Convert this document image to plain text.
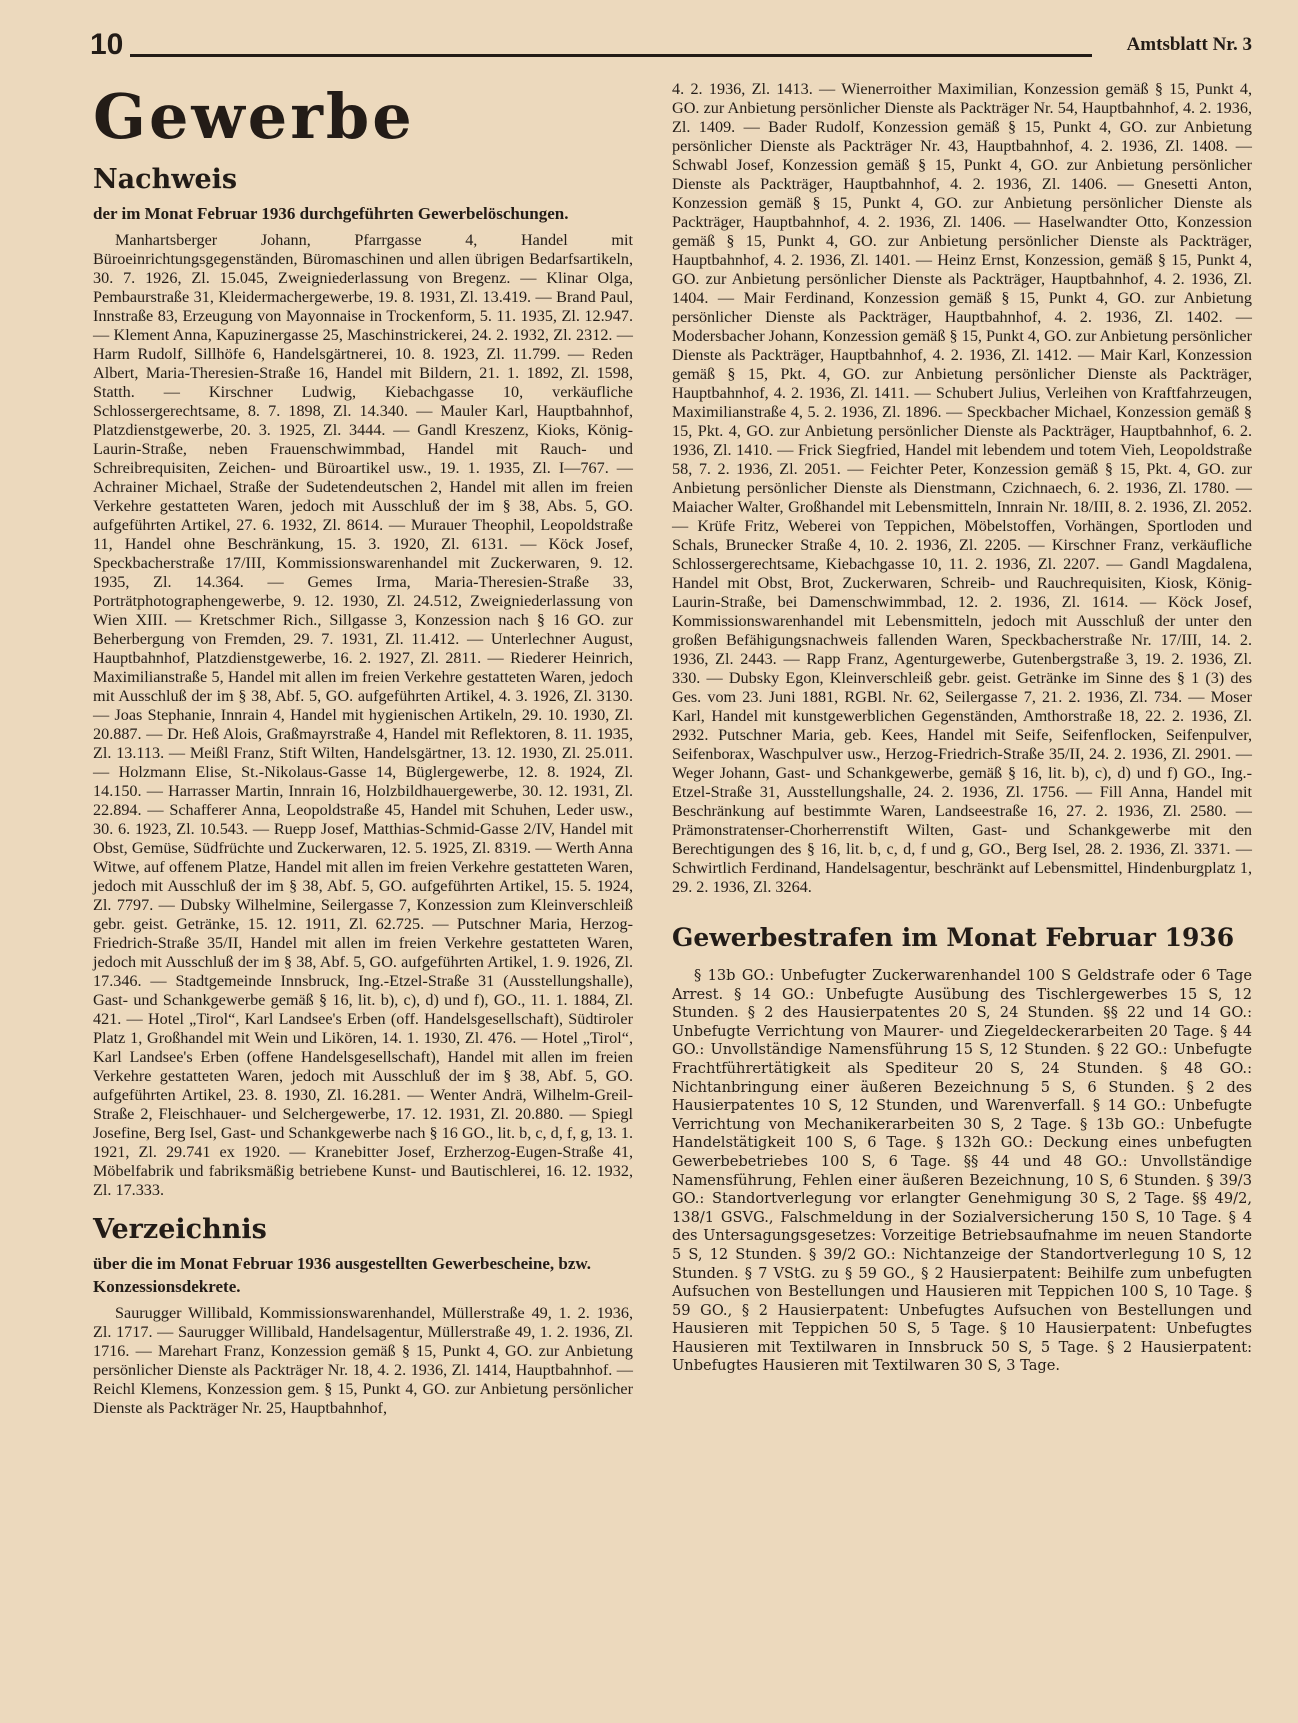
10	Amtsblatt Nr. 3
Gewerbe
Nachweis
der im Monat Februar 1936 durchgeführten Gewerbelöschungen.

Manhartsberger Johann, Pfarrgasse 4, Handel mit Büroeinrichtungsgegenständen, Büromaschinen und allen übrigen Bedarfsartikeln, 30. 7. 1926, Zl. 15.045, Zweigniederlassung von Bregenz. — Klinar Olga, Pembaurstraße 31, Kleidermachergewerbe, 19. 8. 1931, Zl. 13.419. — Brand Paul, Innstraße 83, Erzeugung von Mayonnaise in Trockenform, 5. 11. 1935, Zl. 12.947. — Klement Anna, Kapuzinergasse 25, Maschinstrickerei, 24. 2. 1932, Zl. 2312. — Harm Rudolf, Sillhöfe 6, Handelsgärtnerei, 10. 8. 1923, Zl. 11.799. — Reden Albert, Maria-Theresien-Straße 16, Handel mit Bildern, 21. 1. 1892, Zl. 1598, Statth. — Kirschner Ludwig, Kiebachgasse 10, verkäufliche Schlossergerechtsame, 8. 7. 1898, Zl. 14.340. — Mauler Karl, Hauptbahnhof, Platzdienstgewerbe, 20. 3. 1925, Zl. 3444. — Gandl Kreszenz, Kioks, König-Laurin-Straße, neben Frauenschwimmbad, Handel mit Rauch- und Schreibrequisiten, Zeichen- und Büroartikel usw., 19. 1. 1935, Zl. I—767. — Achrainer Michael, Straße der Sudetendeutschen 2, Handel mit allen im freien Verkehre gestatteten Waren, jedoch mit Ausschluß der im § 38, Abs. 5, GO. aufgeführten Artikel, 27. 6. 1932, Zl. 8614. — Murauer Theophil, Leopoldstraße 11, Handel ohne Beschränkung, 15. 3. 1920, Zl. 6131. — Köck Josef, Speckbacherstraße 17/III, Kommissionswarenhandel mit Zuckerwaren, 9. 12. 1935, Zl. 14.364. — Gemes Irma, Maria-Theresien-Straße 33, Porträtphotographengewerbe, 9. 12. 1930, Zl. 24.512, Zweigniederlassung von Wien XIII. — Kretschmer Rich., Sillgasse 3, Konzession nach § 16 GO. zur Beherbergung von Fremden, 29. 7. 1931, Zl. 11.412. — Unterlechner August, Hauptbahnhof, Platzdienstgewerbe, 16. 2. 1927, Zl. 2811. — Riederer Heinrich, Maximilianstraße 5, Handel mit allen im freien Verkehre gestatteten Waren, jedoch mit Ausschluß der im § 38, Abf. 5, GO. aufgeführten Artikel, 4. 3. 1926, Zl. 3130. — Joas Stephanie, Innrain 4, Handel mit hygienischen Artikeln, 29. 10. 1930, Zl. 20.887. — Dr. Heß Alois, Graßmayrstraße 4, Handel mit Reflektoren, 8. 11. 1935, Zl. 13.113. — Meißl Franz, Stift Wilten, Handelsgärtner, 13. 12. 1930, Zl. 25.011. — Holzmann Elise, St.-Nikolaus-Gasse 14, Büglergewerbe, 12. 8. 1924, Zl. 14.150. — Harrasser Martin, Innrain 16, Holzbildhauergewerbe, 30. 12. 1931, Zl. 22.894. — Schafferer Anna, Leopoldstraße 45, Handel mit Schuhen, Leder usw., 30. 6. 1923, Zl. 10.543. — Ruepp Josef, Matthias-Schmid-Gasse 2/IV, Handel mit Obst, Gemüse, Südfrüchte und Zuckerwaren, 12. 5. 1925, Zl. 8319. — Werth Anna Witwe, auf offenem Platze, Handel mit allen im freien Verkehre gestatteten Waren, jedoch mit Ausschluß der im § 38, Abf. 5, GO. aufgeführten Artikel, 15. 5. 1924, Zl. 7797. — Dubsky Wilhelmine, Seilergasse 7, Konzession zum Kleinverschleiß gebr. geist. Getränke, 15. 12. 1911, Zl. 62.725. — Putschner Maria, Herzog-Friedrich-Straße 35/II, Handel mit allen im freien Verkehre gestatteten Waren, jedoch mit Ausschluß der im § 38, Abf. 5, GO. aufgeführten Artikel, 1. 9. 1926, Zl. 17.346. — Stadtgemeinde Innsbruck, Ing.-Etzel-Straße 31 (Ausstellungshalle), Gast- und Schankgewerbe gemäß § 16, lit. b), c), d) und f), GO., 11. 1. 1884, Zl. 421. — Hotel „Tirol“, Karl Landsee's Erben (off. Handelsgesellschaft), Südtiroler Platz 1, Großhandel mit Wein und Likören, 14. 1. 1930, Zl. 476. — Hotel „Tirol“, Karl Landsee's Erben (offene Handelsgesellschaft), Handel mit allen im freien Verkehre gestatteten Waren, jedoch mit Ausschluß der im § 38, Abf. 5, GO. aufgeführten Artikel, 23. 8. 1930, Zl. 16.281. — Wenter Andrä, Wilhelm-Greil-Straße 2, Fleischhauer- und Selchergewerbe, 17. 12. 1931, Zl. 20.880. — Spiegl Josefine, Berg Isel, Gast- und Schankgewerbe nach § 16 GO., lit. b, c, d, f, g, 13. 1. 1921, Zl. 29.741 ex 1920. — Kranebitter Josef, Erzherzog-Eugen-Straße 41, Möbelfabrik und fabriksmäßig betriebene Kunst- und Bautischlerei, 16. 12. 1932, Zl. 17.333.

Verzeichnis
über die im Monat Februar 1936 ausgestellten Gewerbescheine, bzw. Konzessionsdekrete.

Saurugger Willibald, Kommissionswarenhandel, Müllerstraße 49, 1. 2. 1936, Zl. 1717. — Saurugger Willibald, Handelsagentur, Müllerstraße 49, 1. 2. 1936, Zl. 1716. — Marehart Franz, Konzession gemäß § 15, Punkt 4, GO. zur Anbietung persönlicher Dienste als Packträger Nr. 18, 4. 2. 1936, Zl. 1414, Hauptbahnhof. — Reichl Klemens, Konzession gem. § 15, Punkt 4, GO. zur Anbietung persönlicher Dienste als Packträger Nr. 25, Hauptbahnhof,

4. 2. 1936, Zl. 1413. — Wienerroither Maximilian, Konzession gemäß § 15, Punkt 4, GO. zur Anbietung persönlicher Dienste als Packträger Nr. 54, Hauptbahnhof, 4. 2. 1936, Zl. 1409. — Bader Rudolf, Konzession gemäß § 15, Punkt 4, GO. zur Anbietung persönlicher Dienste als Packträger Nr. 43, Hauptbahnhof, 4. 2. 1936, Zl. 1408. — Schwabl Josef, Konzession gemäß § 15, Punkt 4, GO. zur Anbietung persönlicher Dienste als Packträger, Hauptbahnhof, 4. 2. 1936, Zl. 1406. — Gnesetti Anton, Konzession gemäß § 15, Punkt 4, GO. zur Anbietung persönlicher Dienste als Packträger, Hauptbahnhof, 4. 2. 1936, Zl. 1406. — Haselwandter Otto, Konzession gemäß § 15, Punkt 4, GO. zur Anbietung persönlicher Dienste als Packträger, Hauptbahnhof, 4. 2. 1936, Zl. 1401. — Heinz Ernst, Konzession, gemäß § 15, Punkt 4, GO. zur Anbietung persönlicher Dienste als Packträger, Hauptbahnhof, 4. 2. 1936, Zl. 1404. — Mair Ferdinand, Konzession gemäß § 15, Punkt 4, GO. zur Anbietung persönlicher Dienste als Packträger, Hauptbahnhof, 4. 2. 1936, Zl. 1402. — Modersbacher Johann, Konzession gemäß § 15, Punkt 4, GO. zur Anbietung persönlicher Dienste als Packträger, Hauptbahnhof, 4. 2. 1936, Zl. 1412. — Mair Karl, Konzession gemäß § 15, Pkt. 4, GO. zur Anbietung persönlicher Dienste als Packträger, Hauptbahnhof, 4. 2. 1936, Zl. 1411. — Schubert Julius, Verleihen von Kraftfahrzeugen, Maximilianstraße 4, 5. 2. 1936, Zl. 1896. — Speckbacher Michael, Konzession gemäß § 15, Pkt. 4, GO. zur Anbietung persönlicher Dienste als Packträger, Hauptbahnhof, 6. 2. 1936, Zl. 1410. — Frick Siegfried, Handel mit lebendem und totem Vieh, Leopoldstraße 58, 7. 2. 1936, Zl. 2051. — Feichter Peter, Konzession gemäß § 15, Pkt. 4, GO. zur Anbietung persönlicher Dienste als Dienstmann, Czichnaech, 6. 2. 1936, Zl. 1780. — Maiacher Walter, Großhandel mit Lebensmitteln, Innrain Nr. 18/III, 8. 2. 1936, Zl. 2052. — Krüfe Fritz, Weberei von Teppichen, Möbelstoffen, Vorhängen, Sportloden und Schals, Brunecker Straße 4, 10. 2. 1936, Zl. 2205. — Kirschner Franz, verkäufliche Schlossergerechtsame, Kiebachgasse 10, 11. 2. 1936, Zl. 2207. — Gandl Magdalena, Handel mit Obst, Brot, Zuckerwaren, Schreib- und Rauchrequisiten, Kiosk, König-Laurin-Straße, bei Damenschwimmbad, 12. 2. 1936, Zl. 1614. — Köck Josef, Kommissionswarenhandel mit Lebensmitteln, jedoch mit Ausschluß der unter den großen Befähigungsnachweis fallenden Waren, Speckbacherstraße Nr. 17/III, 14. 2. 1936, Zl. 2443. — Rapp Franz, Agenturgewerbe, Gutenbergstraße 3, 19. 2. 1936, Zl. 330. — Dubsky Egon, Kleinverschleiß gebr. geist. Getränke im Sinne des § 1 (3) des Ges. vom 23. Juni 1881, RGBl. Nr. 62, Seilergasse 7, 21. 2. 1936, Zl. 734. — Moser Karl, Handel mit kunstgewerblichen Gegenständen, Amthorstraße 18, 22. 2. 1936, Zl. 2932. Putschner Maria, geb. Kees, Handel mit Seife, Seifenflocken, Seifenpulver, Seifenborax, Waschpulver usw., Herzog-Friedrich-Straße 35/II, 24. 2. 1936, Zl. 2901. — Weger Johann, Gast- und Schankgewerbe, gemäß § 16, lit. b), c), d) und f) GO., Ing.-Etzel-Straße 31, Ausstellungshalle, 24. 2. 1936, Zl. 1756. — Fill Anna, Handel mit Beschränkung auf bestimmte Waren, Landseestraße 16, 27. 2. 1936, Zl. 2580. — Prämonstratenser-Chorherrenstift Wilten, Gast- und Schankgewerbe mit den Berechtigungen des § 16, lit. b, c, d, f und g, GO., Berg Isel, 28. 2. 1936, Zl. 3371. — Schwirtlich Ferdinand, Handelsagentur, beschränkt auf Lebensmittel, Hindenburgplatz 1, 29. 2. 1936, Zl. 3264.
Gewerbestrafen im Monat Februar 1936

§ 13b GO.: Unbefugter Zuckerwarenhandel 100 S Geldstrafe oder 6 Tage Arrest. § 14 GO.: Unbefugte Ausübung des Tischlergewerbes 15 S, 12 Stunden. § 2 des Hausierpatentes 20 S, 24 Stunden. §§ 22 und 14 GO.: Unbefugte Verrichtung von Maurer- und Ziegeldeckerarbeiten 20 Tage. § 44 GO.: Unvollständige Namensführung 15 S, 12 Stunden. § 22 GO.: Unbefugte Frachtführertätigkeit als Spediteur 20 S, 24 Stunden. § 48 GO.: Nichtanbringung einer äußeren Bezeichnung 5 S, 6 Stunden. § 2 des Hausierpatentes 10 S, 12 Stunden, und Warenverfall. § 14 GO.: Unbefugte Verrichtung von Mechanikerarbeiten 30 S, 2 Tage. § 13b GO.: Unbefugte Handelstätigkeit 100 S, 6 Tage. § 132h GO.: Deckung eines unbefugten Gewerbebetriebes 100 S, 6 Tage. §§ 44 und 48 GO.: Unvollständige Namensführung, Fehlen einer äußeren Bezeichnung, 10 S, 6 Stunden. § 39/3 GO.: Standortverlegung vor erlangter Genehmigung 30 S, 2 Tage. §§ 49/2, 138/1 GSVG., Falschmeldung in der Sozialversicherung 150 S, 10 Tage. § 4 des Untersagungsgesetzes: Vorzeitige Betriebsaufnahme im neuen Standorte 5 S, 12 Stunden. § 39/2 GO.: Nichtanzeige der Standortverlegung 10 S, 12 Stunden. § 7 VStG. zu § 59 GO., § 2 Hausierpatent: Beihilfe zum unbefugten Aufsuchen von Bestellungen und Hausieren mit Teppichen 100 S, 10 Tage. § 59 GO., § 2 Hausierpatent: Unbefugtes Aufsuchen von Bestellungen und Hausieren mit Teppichen 50 S, 5 Tage. § 10 Hausierpatent: Unbefugtes Hausieren mit Textilwaren in Innsbruck 50 S, 5 Tage. § 2 Hausierpatent: Unbefugtes Hausieren mit Textilwaren 30 S, 3 Tage.
